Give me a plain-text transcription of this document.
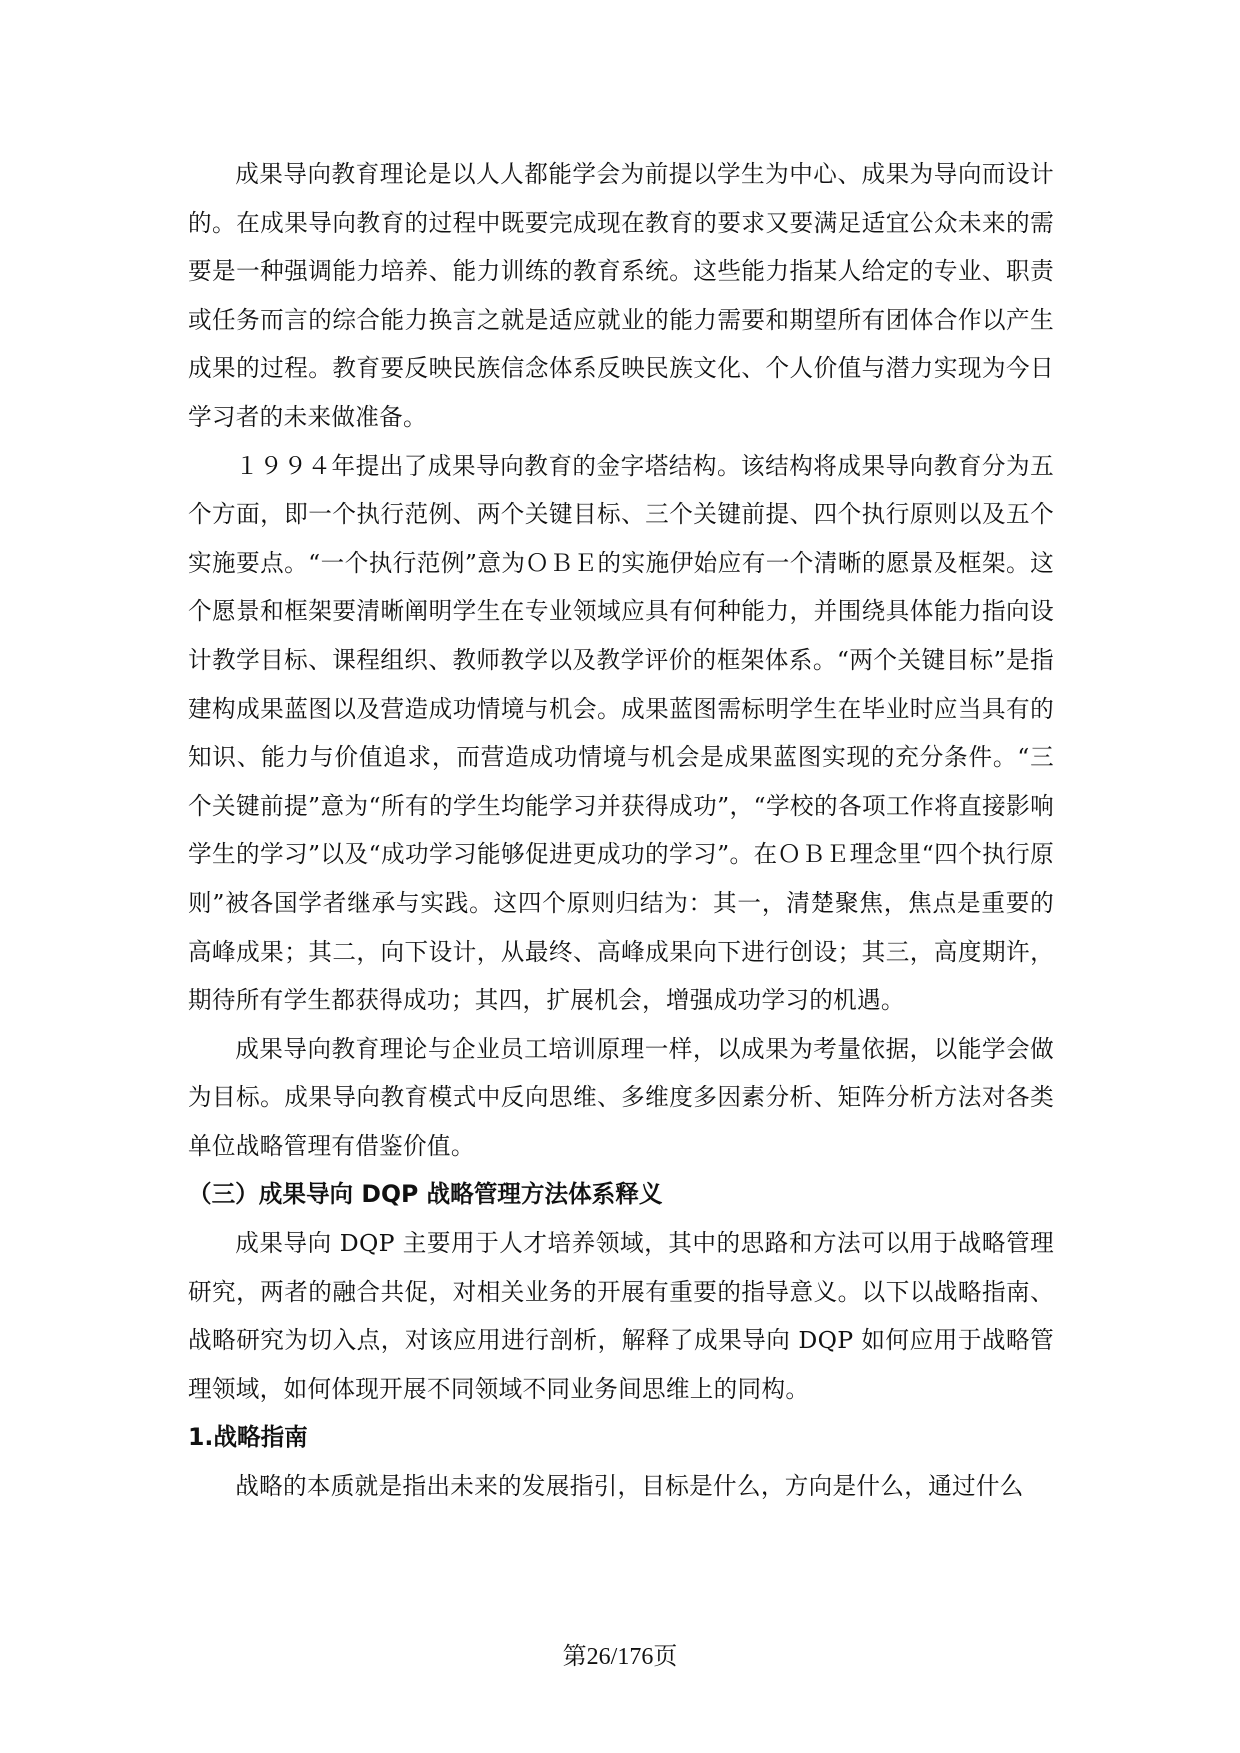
成果导向教育理论是以人人都能学会为前提以学生为中心、成果为导向而设计的。在成果导向教育的过程中既要完成现在教育的要求又要满足适宜公众未来的需要是一种强调能力培养、能力训练的教育系统。这些能力指某人给定的专业、职责或任务而言的综合能力换言之就是适应就业的能力需要和期望所有团体合作以产生成果的过程。教育要反映民族信念体系反映民族文化、个人价值与潜力实现为今日学习者的未来做准备。

１９９４年提出了成果导向教育的金字塔结构。该结构将成果导向教育分为五个方面，即一个执行范例、两个关键目标、三个关键前提、四个执行原则以及五个实施要点。“一个执行范例”意为ＯＢＥ的实施伊始应有一个清晰的愿景及框架。这个愿景和框架要清晰阐明学生在专业领域应具有何种能力，并围绕具体能力指向设计教学目标、课程组织、教师教学以及教学评价的框架体系。“两个关键目标”是指建构成果蓝图以及营造成功情境与机会。成果蓝图需标明学生在毕业时应当具有的知识、能力与价值追求，而营造成功情境与机会是成果蓝图实现的充分条件。“三个关键前提”意为“所有的学生均能学习并获得成功”，“学校的各项工作将直接影响学生的学习”以及“成功学习能够促进更成功的学习”。在ＯＢＥ理念里“四个执行原则”被各国学者继承与实践。这四个原则归结为：其一，清楚聚焦，焦点是重要的高峰成果；其二，向下设计，从最终、高峰成果向下进行创设；其三，高度期许，期待所有学生都获得成功；其四，扩展机会，增强成功学习的机遇。

成果导向教育理论与企业员工培训原理一样，以成果为考量依据，以能学会做为目标。成果导向教育模式中反向思维、多维度多因素分析、矩阵分析方法对各类单位战略管理有借鉴价值。

（三）成果导向 DQP 战略管理方法体系释义

成果导向 DQP 主要用于人才培养领域，其中的思路和方法可以用于战略管理研究，两者的融合共促，对相关业务的开展有重要的指导意义。以下以战略指南、战略研究为切入点，对该应用进行剖析，解释了成果导向 DQP 如何应用于战略管理领域，如何体现开展不同领域不同业务间思维上的同构。

1.战略指南

战略的本质就是指出未来的发展指引，目标是什么，方向是什么，通过什么

第26/176页
